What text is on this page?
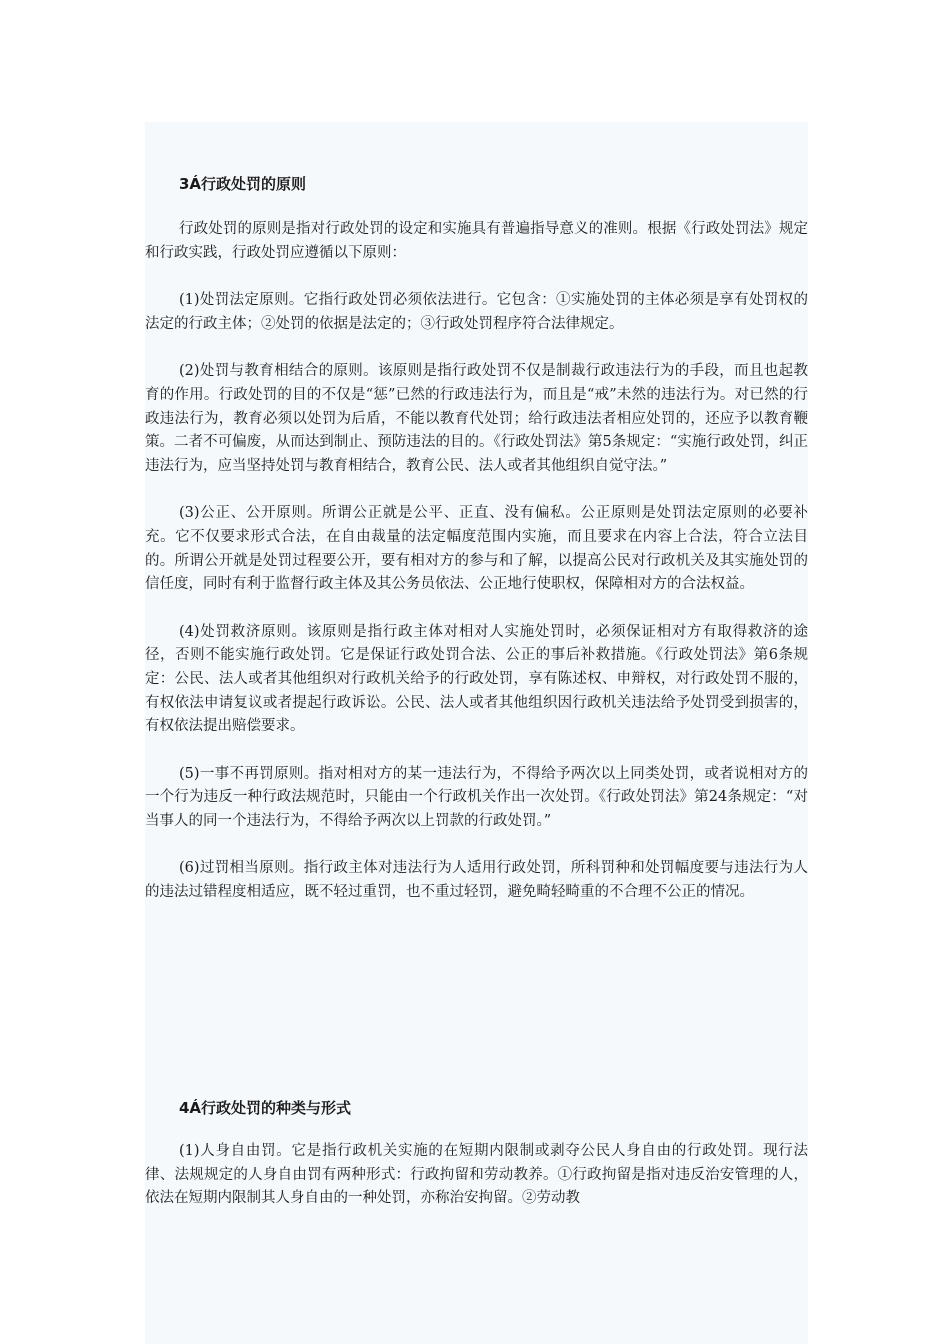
3Á行政处罚的原则

行政处罚的原则是指对行政处罚的设定和实施具有普遍指导意义的准则。根据《行政处罚法》规定和行政实践，行政处罚应遵循以下原则：

(1)处罚法定原则。它指行政处罚必须依法进行。它包含：①实施处罚的主体必须是享有处罚权的法定的行政主体；②处罚的依据是法定的；③行政处罚程序符合法律规定。

(2)处罚与教育相结合的原则。该原则是指行政处罚不仅是制裁行政违法行为的手段，而且也起教育的作用。行政处罚的目的不仅是“惩”已然的行政违法行为，而且是“戒”未然的违法行为。对已然的行政违法行为，教育必须以处罚为后盾，不能以教育代处罚；给行政违法者相应处罚的，还应予以教育鞭策。二者不可偏废，从而达到制止、预防违法的目的。《行政处罚法》第5条规定：“实施行政处罚，纠正违法行为，应当坚持处罚与教育相结合，教育公民、法人或者其他组织自觉守法。”

(3)公正、公开原则。所谓公正就是公平、正直、没有偏私。公正原则是处罚法定原则的必要补充。它不仅要求形式合法，在自由裁量的法定幅度范围内实施，而且要求在内容上合法，符合立法目的。所谓公开就是处罚过程要公开，要有相对方的参与和了解，以提高公民对行政机关及其实施处罚的信任度，同时有利于监督行政主体及其公务员依法、公正地行使职权，保障相对方的合法权益。

(4)处罚救济原则。该原则是指行政主体对相对人实施处罚时，必须保证相对方有取得救济的途径，否则不能实施行政处罚。它是保证行政处罚合法、公正的事后补救措施。《行政处罚法》第6条规定：公民、法人或者其他组织对行政机关给予的行政处罚，享有陈述权、申辩权，对行政处罚不服的，有权依法申请复议或者提起行政诉讼。公民、法人或者其他组织因行政机关违法给予处罚受到损害的，有权依法提出赔偿要求。

(5)一事不再罚原则。指对相对方的某一违法行为，不得给予两次以上同类处罚，或者说相对方的一个行为违反一种行政法规范时，只能由一个行政机关作出一次处罚。《行政处罚法》第24条规定：“对当事人的同一个违法行为，不得给予两次以上罚款的行政处罚。”

(6)过罚相当原则。指行政主体对违法行为人适用行政处罚，所科罚种和处罚幅度要与违法行为人的违法过错程度相适应，既不轻过重罚，也不重过轻罚，避免畸轻畸重的不合理不公正的情况。

4Á行政处罚的种类与形式

(1)人身自由罚。它是指行政机关实施的在短期内限制或剥夺公民人身自由的行政处罚。现行法律、法规规定的人身自由罚有两种形式：行政拘留和劳动教养。①行政拘留是指对违反治安管理的人，依法在短期内限制其人身自由的一种处罚，亦称治安拘留。②劳动教
